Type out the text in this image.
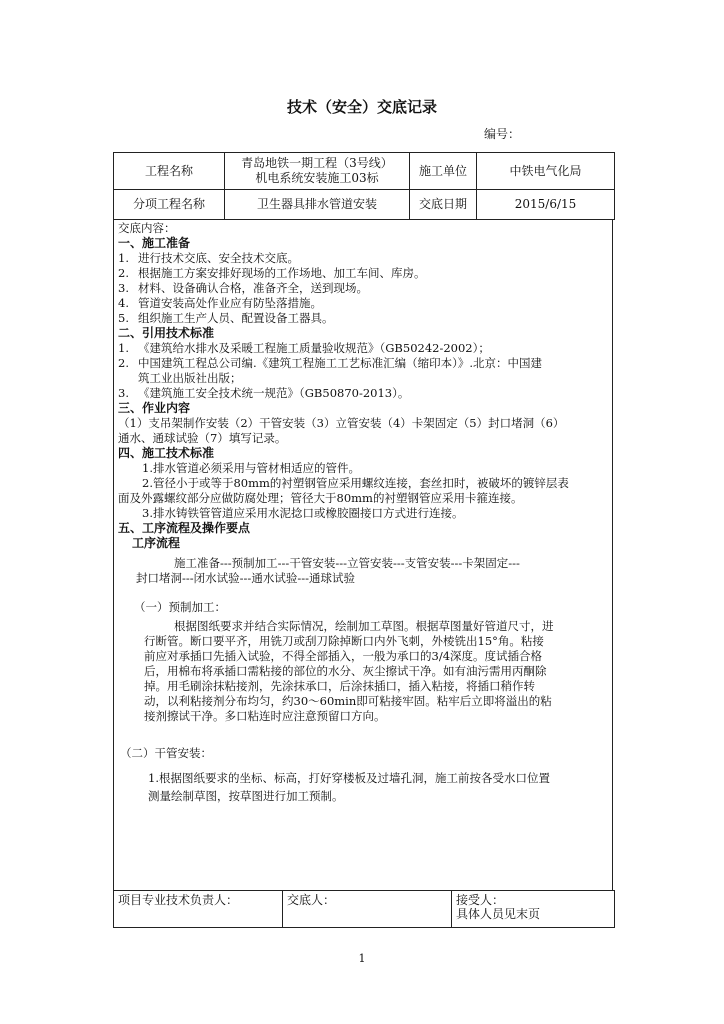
技术（安全）交底记录
编号：
工程名称	青岛地铁一期工程（3号线）
机电系统安装施工03标	施工单位	中铁电气化局
分项工程名称	卫生器具排水管道安装	交底日期	2015/6/15

交底内容：

一、施工准备

1. 进行技术交底、安全技术交底。

2. 根据施工方案安排好现场的工作场地、加工车间、库房。

3. 材料、设备确认合格，准备齐全，送到现场。

4. 管道安装高处作业应有防坠落措施。

5. 组织施工生产人员、配置设备工器具。

二、引用技术标准

1. 《建筑给水排水及采暖工程施工质量验收规范》（GB50242-2002）；

2. 中国建筑工程总公司编.《建筑工程施工工艺标准汇编（缩印本）》.北京：中国建

筑工业出版社出版；

3. 《建筑施工安全技术统一规范》（GB50870-2013）。

三、作业内容

（1）支吊架制作安装（2）干管安装（3）立管安装（4）卡架固定（5）封口堵洞（6）

通水、通球试验（7）填写记录。

四、施工技术标准

1.排水管道必须采用与管材相适应的管件。

2.管径小于或等于80mm的衬塑钢管应采用螺纹连接，套丝扣时，被破坏的镀锌层表

面及外露螺纹部分应做防腐处理；管径大于80mm的衬塑钢管应采用卡箍连接。

3.排水铸铁管管道应采用水泥捻口或橡胶圈接口方式进行连接。

五、工序流程及操作要点

工序流程

施工准备---预制加工---干管安装---立管安装---支管安装---卡架固定---

封口堵洞---闭水试验---通水试验---通球试验

（一）预制加工：

根据图纸要求并结合实际情况，绘制加工草图。根据草图量好管道尺寸，进

行断管。断口要平齐，用铣刀或刮刀除掉断口内外飞刺，外棱铣出15°角。粘接

前应对承插口先插入试验，不得全部插入，一般为承口的3/4深度。度试插合格

后，用棉布将承插口需粘接的部位的水分、灰尘擦试干净。如有油污需用丙酮除

掉。用毛刷涂抹粘接剂，先涂抹承口，后涂抹插口，插入粘接，将插口稍作转

动，以利粘接剂分布均匀，约30～60min即可粘接牢固。粘牢后立即将溢出的粘

接剂擦试干净。多口粘连时应注意预留口方向。

（二）干管安装：

1.根据图纸要求的坐标、标高，打好穿楼板及过墙孔洞，施工前按各受水口位置

测量绘制草图，按草图进行加工预制。

项目专业技术负责人：	交底人：	接受人：
具体人员见末页
1
